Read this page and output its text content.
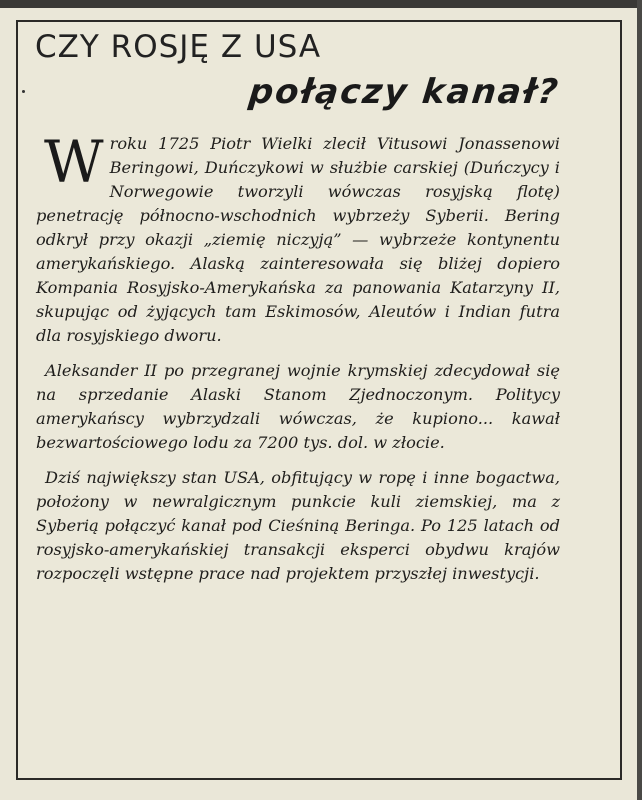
CZY ROSJĘ Z USA
połączy kanał?

W roku 1725 Piotr Wielki zlecił Vitusowi Jonassenowi Beringowi, Duńczykowi w służbie carskiej (Duńczycy i Norwegowie tworzyli wówczas rosyjską flotę) penetrację północno-wschodnich wybrzeży Syberii. Bering odkrył przy okazji „ziemię niczyją” — wybrzeże kontynentu amerykańskiego. Alaską zainteresowała się bliżej dopiero Kompania Rosyjsko-Amerykańska za panowania Katarzyny II, skupując od żyjących tam Eskimosów, Aleutów i Indian futra dla rosyjskiego dworu.

Aleksander II po przegranej wojnie krymskiej zdecydował się na sprzedanie Alaski Stanom Zjednoczonym. Politycy amerykańscy wybrzydzali wówczas, że kupiono... kawał bezwartościowego lodu za 7200 tys. dol. w złocie.

Dziś największy stan USA, obfitujący w ropę i inne bogactwa, położony w newralgicznym punkcie kuli ziemskiej, ma z Syberią połączyć kanał pod Cieśniną Beringa. Po 125 latach od rosyjsko-amerykańskiej transakcji eksperci obydwu krajów rozpoczęli wstępne prace nad projektem przyszłej inwestycji.
